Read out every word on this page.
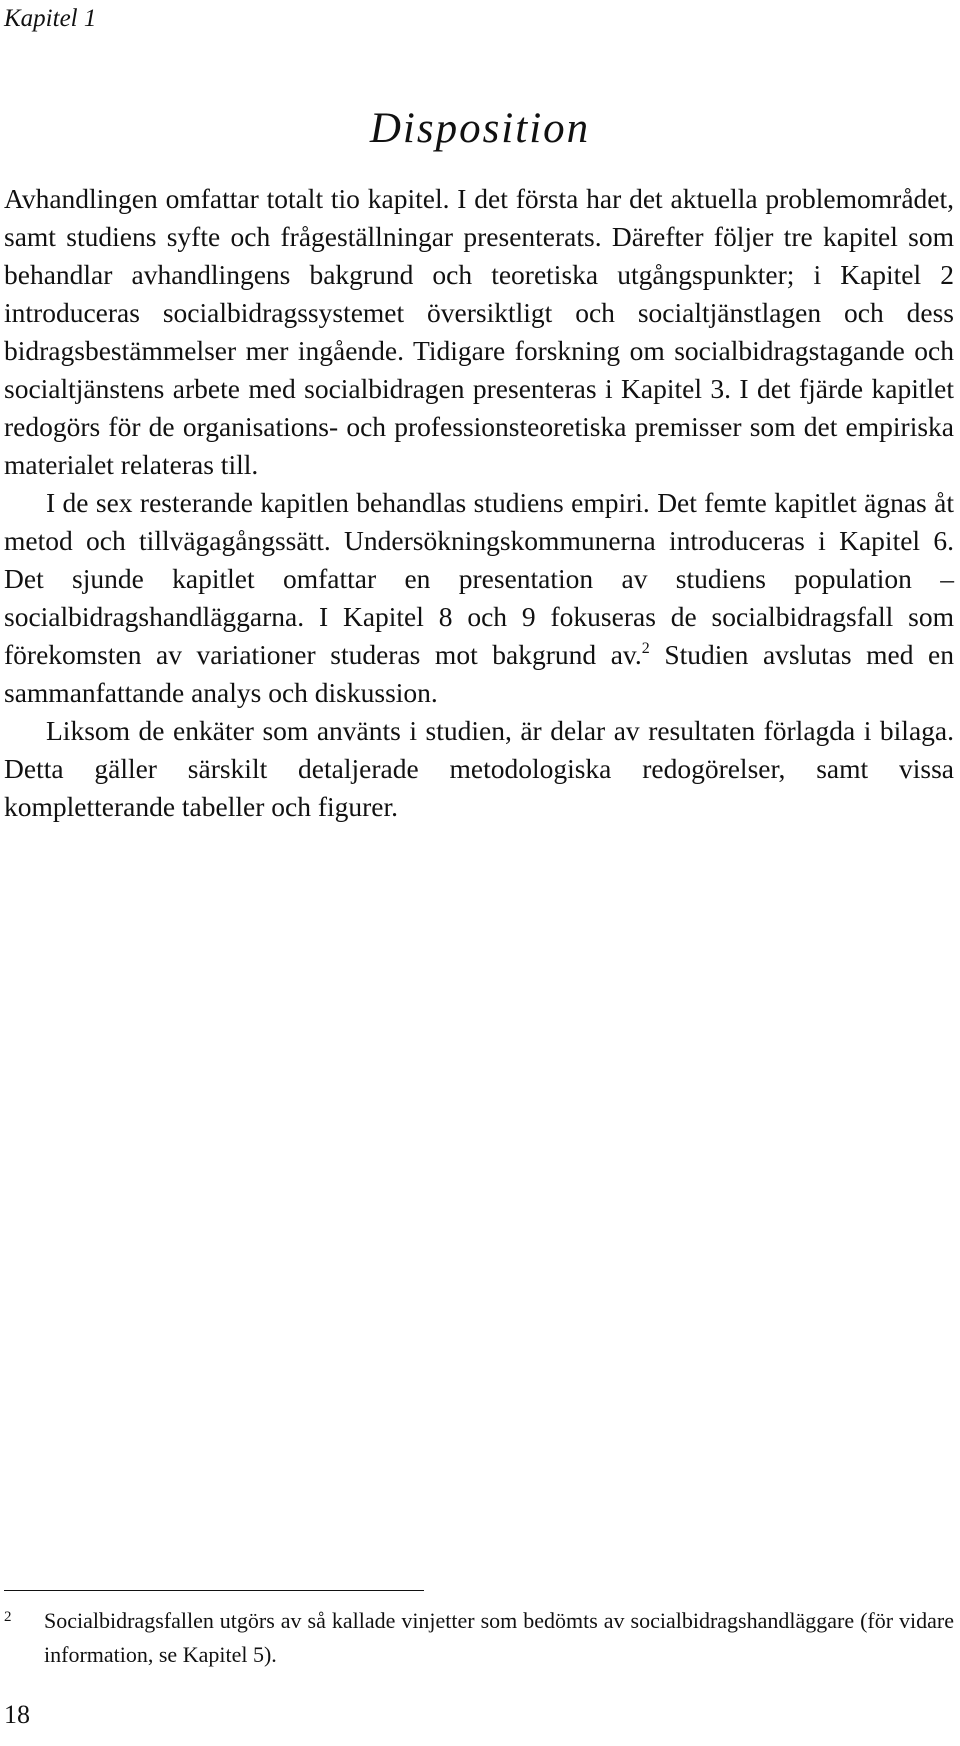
Kapitel 1
Disposition

Avhandlingen omfattar totalt tio kapitel. I det första har det aktuella problemområdet, samt studiens syfte och frågeställningar presenterats. Därefter följer tre kapitel som behandlar avhandlingens bakgrund och teoretiska utgångspunkter; i Kapitel 2 introduceras socialbidragssystemet översiktligt och socialtjänstlagen och dess bidragsbestämmelser mer ingående. Tidigare forskning om socialbidragstagande och socialtjänstens arbete med socialbidragen presenteras i Kapitel 3. I det fjärde kapitlet redogörs för de organisations- och professionsteoretiska premisser som det empiriska materialet relateras till.

I de sex resterande kapitlen behandlas studiens empiri. Det femte kapitlet ägnas åt metod och tillvägagångssätt. Undersökningskommunerna introduceras i Kapitel 6. Det sjunde kapitlet omfattar en presentation av studiens population – socialbidragshandläggarna. I Kapitel 8 och 9 fokuseras de socialbidragsfall som förekomsten av variationer studeras mot bakgrund av.$^2$ Studien avslutas med en sammanfattande analys och diskussion.

Liksom de enkäter som använts i studien, är delar av resultaten förlagda i bilaga. Detta gäller särskilt detaljerade metodologiska redogörelser, samt vissa kompletterande tabeller och figurer.

2 Socialbidragsfallen utgörs av så kallade vinjetter som bedömts av socialbidragshandläggare (för vidare information, se Kapitel 5).
18
